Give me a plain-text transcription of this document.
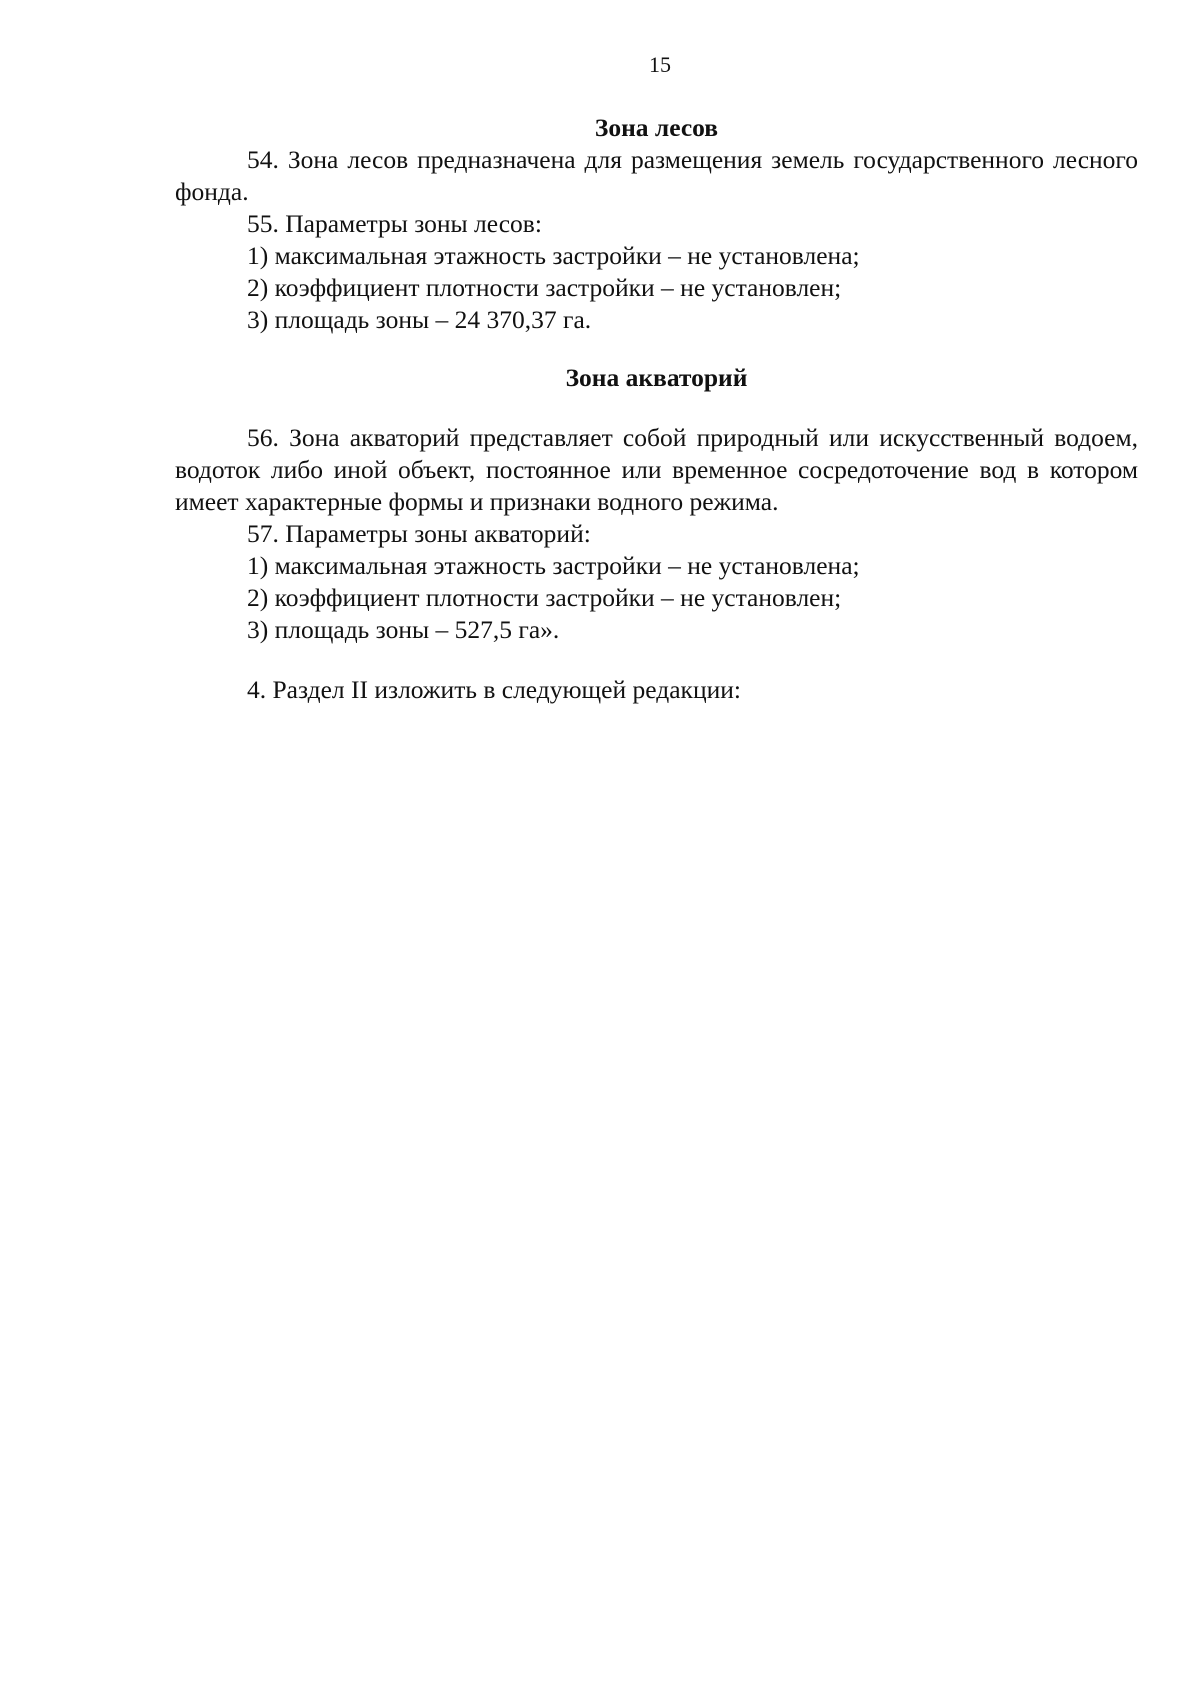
15

Зона лесов

54. Зона лесов предназначена для размещения земель государственного лесного фонда.

55. Параметры зоны лесов:

1) максимальная этажность застройки – не установлена;

2) коэффициент плотности застройки – не установлен;

3) площадь зоны – 24 370,37 га.

Зона акваторий

56. Зона акваторий представляет собой природный или искусственный водоем, водоток либо иной объект, постоянное или временное сосредоточение вод в котором имеет характерные формы и признаки водного режима.

57. Параметры зоны акваторий:

1) максимальная этажность застройки – не установлена;

2) коэффициент плотности застройки – не установлен;

3) площадь зоны – 527,5 га».

4. Раздел II изложить в следующей редакции:
